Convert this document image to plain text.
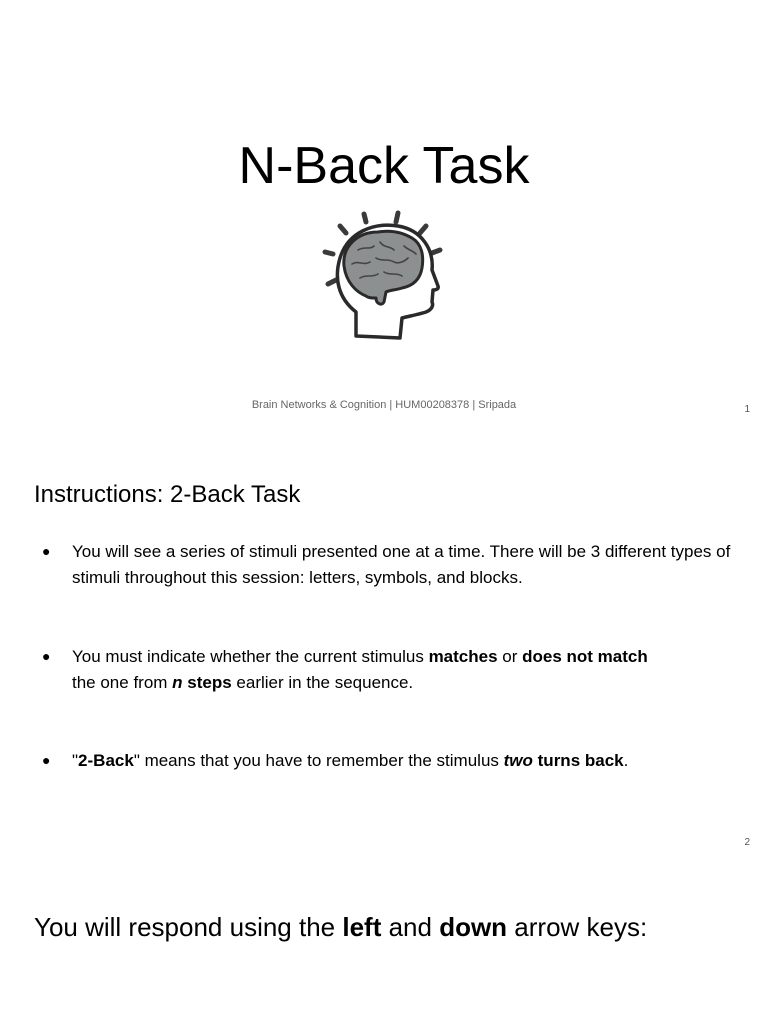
N-Back Task
Brain Networks & Cognition | HUM00208378 | Sripada	1
Instructions: 2-Back Task
● You will see a series of stimuli presented one at a time. There will be 3 different types of stimuli throughout this session: letters, symbols, and blocks.
● You must indicate whether the current stimulus matches or does not match
the one from n steps earlier in the sequence.
● "2-Back" means that you have to remember the stimulus two turns back.
2
You will respond using the left and down arrow keys:
